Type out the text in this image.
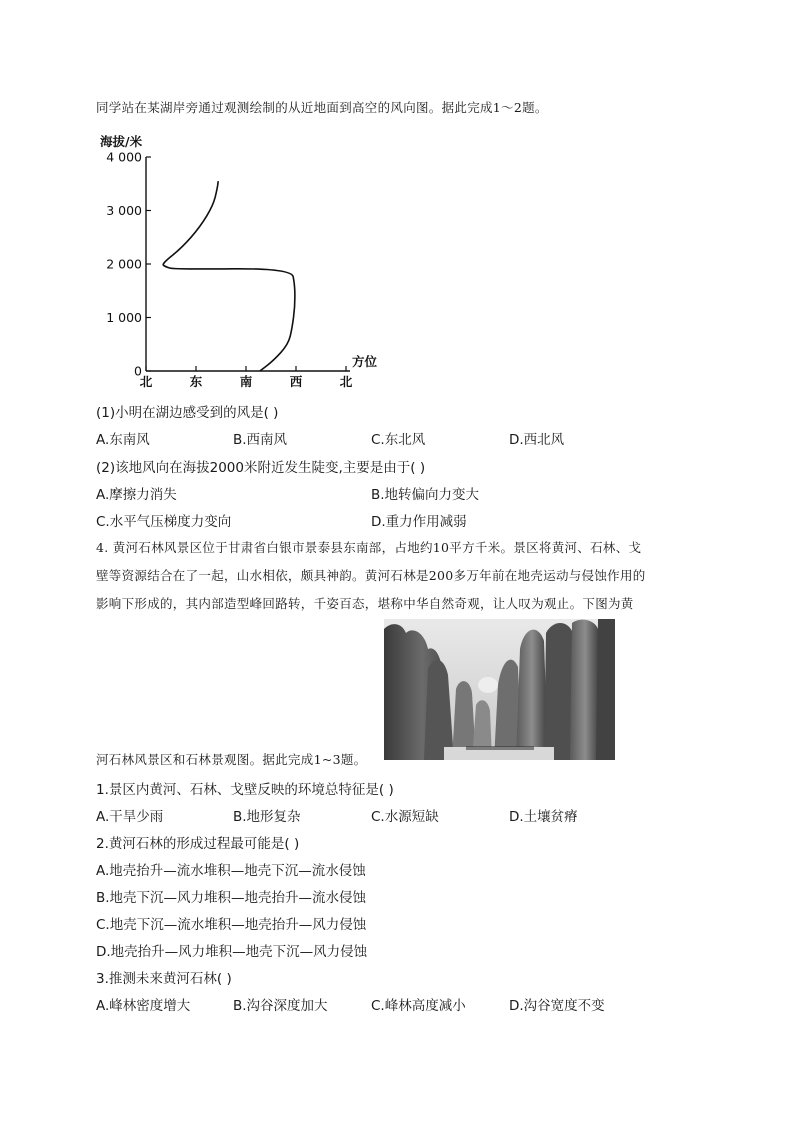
同学站在某湖岸旁通过观测绘制的从近地面到高空的风向图。据此完成1～2题。
海拔/米
方位
0
1 000
2 000
3 000
4 000
北	东	南	西	北
(1)小明在湖边感受到的风是( )
A.东南风	B.西南风	C.东北风	D.西北风
(2)该地风向在海拔2000米附近发生陡变,主要是由于( )
A.摩擦力消失	B.地转偏向力变大
C.水平气压梯度力变向	D.重力作用减弱
4. 黄河石林风景区位于甘肃省白银市景泰县东南部，占地约10平方千米。景区将黄河、石林、戈
壁等资源结合在了一起，山水相依，颇具神韵。黄河石林是200多万年前在地壳运动与侵蚀作用的
影响下形成的，其内部造型峰回路转，千姿百态，堪称中华自然奇观，让人叹为观止。下图为黄
河石林风景区和石林景观图。据此完成1~3题。
1.景区内黄河、石林、戈壁反映的环境总特征是( )
A.干旱少雨	B.地形复杂	C.水源短缺	D.土壤贫瘠
2.黄河石林的形成过程最可能是( )
A.地壳抬升—流水堆积—地壳下沉—流水侵蚀
B.地壳下沉—风力堆积—地壳抬升—流水侵蚀
C.地壳下沉—流水堆积—地壳抬升—风力侵蚀
D.地壳抬升—风力堆积—地壳下沉—风力侵蚀
3.推测未来黄河石林( )
A.峰林密度增大	B.沟谷深度加大	C.峰林高度减小	D.沟谷宽度不变
